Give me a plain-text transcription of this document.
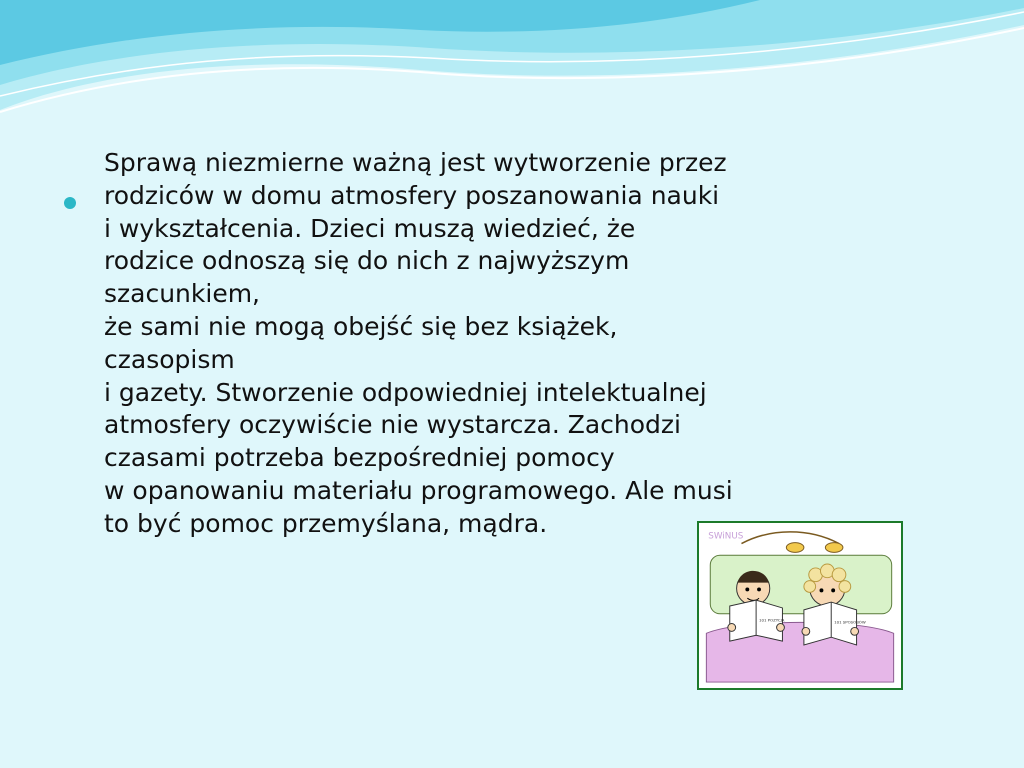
Sprawą niezmierne ważną jest wytworzenie przez
rodziców w domu atmosfery poszanowania nauki
i wykształcenia. Dzieci muszą wiedzieć, że
rodzice odnoszą się do nich z najwyższym
szacunkiem,
że sami nie mogą obejść się bez książek,
czasopism
i gazety. Stworzenie odpowiedniej intelektualnej
atmosfery oczywiście nie wystarcza. Zachodzi
czasami potrzeba bezpośredniej pomocy
w opanowaniu materiału programowego. Ale musi
to być pomoc przemyślana, mądra.	SWiNUS
101 POZYCJA	101 SPOSOBÓW
